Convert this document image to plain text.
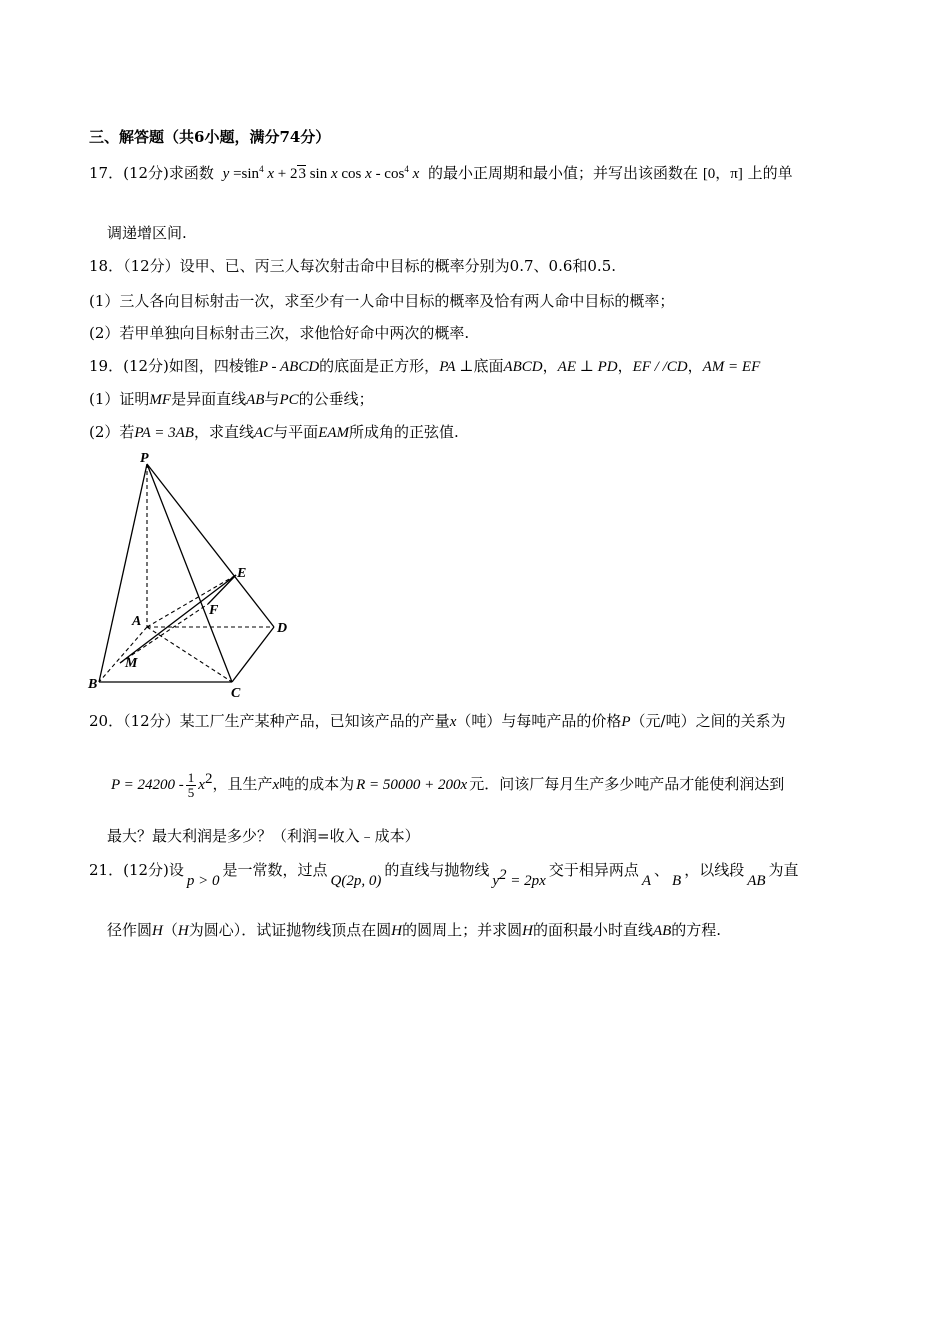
三、解答题（共6小题，满分74分）
17．(12分)求函数 $y =\sin^4$ x + 23 sin x cos x - $\cos^4 x$ 的最小正周期和最小值；并写出该函数在 [0，π] 上的单
调递增区间.
18．（12分）设甲、已、丙三人每次射击命中目标的概率分别为0.7、0.6和0.5.
(1）三人各向目标射击一次，求至少有一人命中目标的概率及恰有两人命中目标的概率；
(2）若甲单独向目标射击三次，求他恰好命中两次的概率.
19．(12分)如图，四棱锥P - ABCD的底面是正方形，PA ⊥底面ABCD，AE ⊥ PD，EF / /CD，AM = EF
(1）证明MF是异面直线AB与PC的公垂线；
(2）若PA = 3AB，求直线AC与平面EAM所成角的正弦值.
P
E
F
A	D
M
B
C
20．（12分）某工厂生产某种产品，已知该产品的产量x（吨）与每吨产品的价格P（元/吨）之间的关系为
$P = 24200 - \frac{1}{5} x^2$，且生产x吨的成本为 R = 50000 + 200x 元．问该厂每月生产多少吨产品才能使利润达到
最大？最大利润是多少？（利润=收入﹣成本）
21．(12分)设p > 0是一常数，过点Q(2p, 0)的直线与抛物线$y^2 = 2px$交于相异两点A、B，以线段AB为直
径作圆H（H为圆心）．试证抛物线顶点在圆H的圆周上；并求圆H的面积最小时直线AB的方程.
